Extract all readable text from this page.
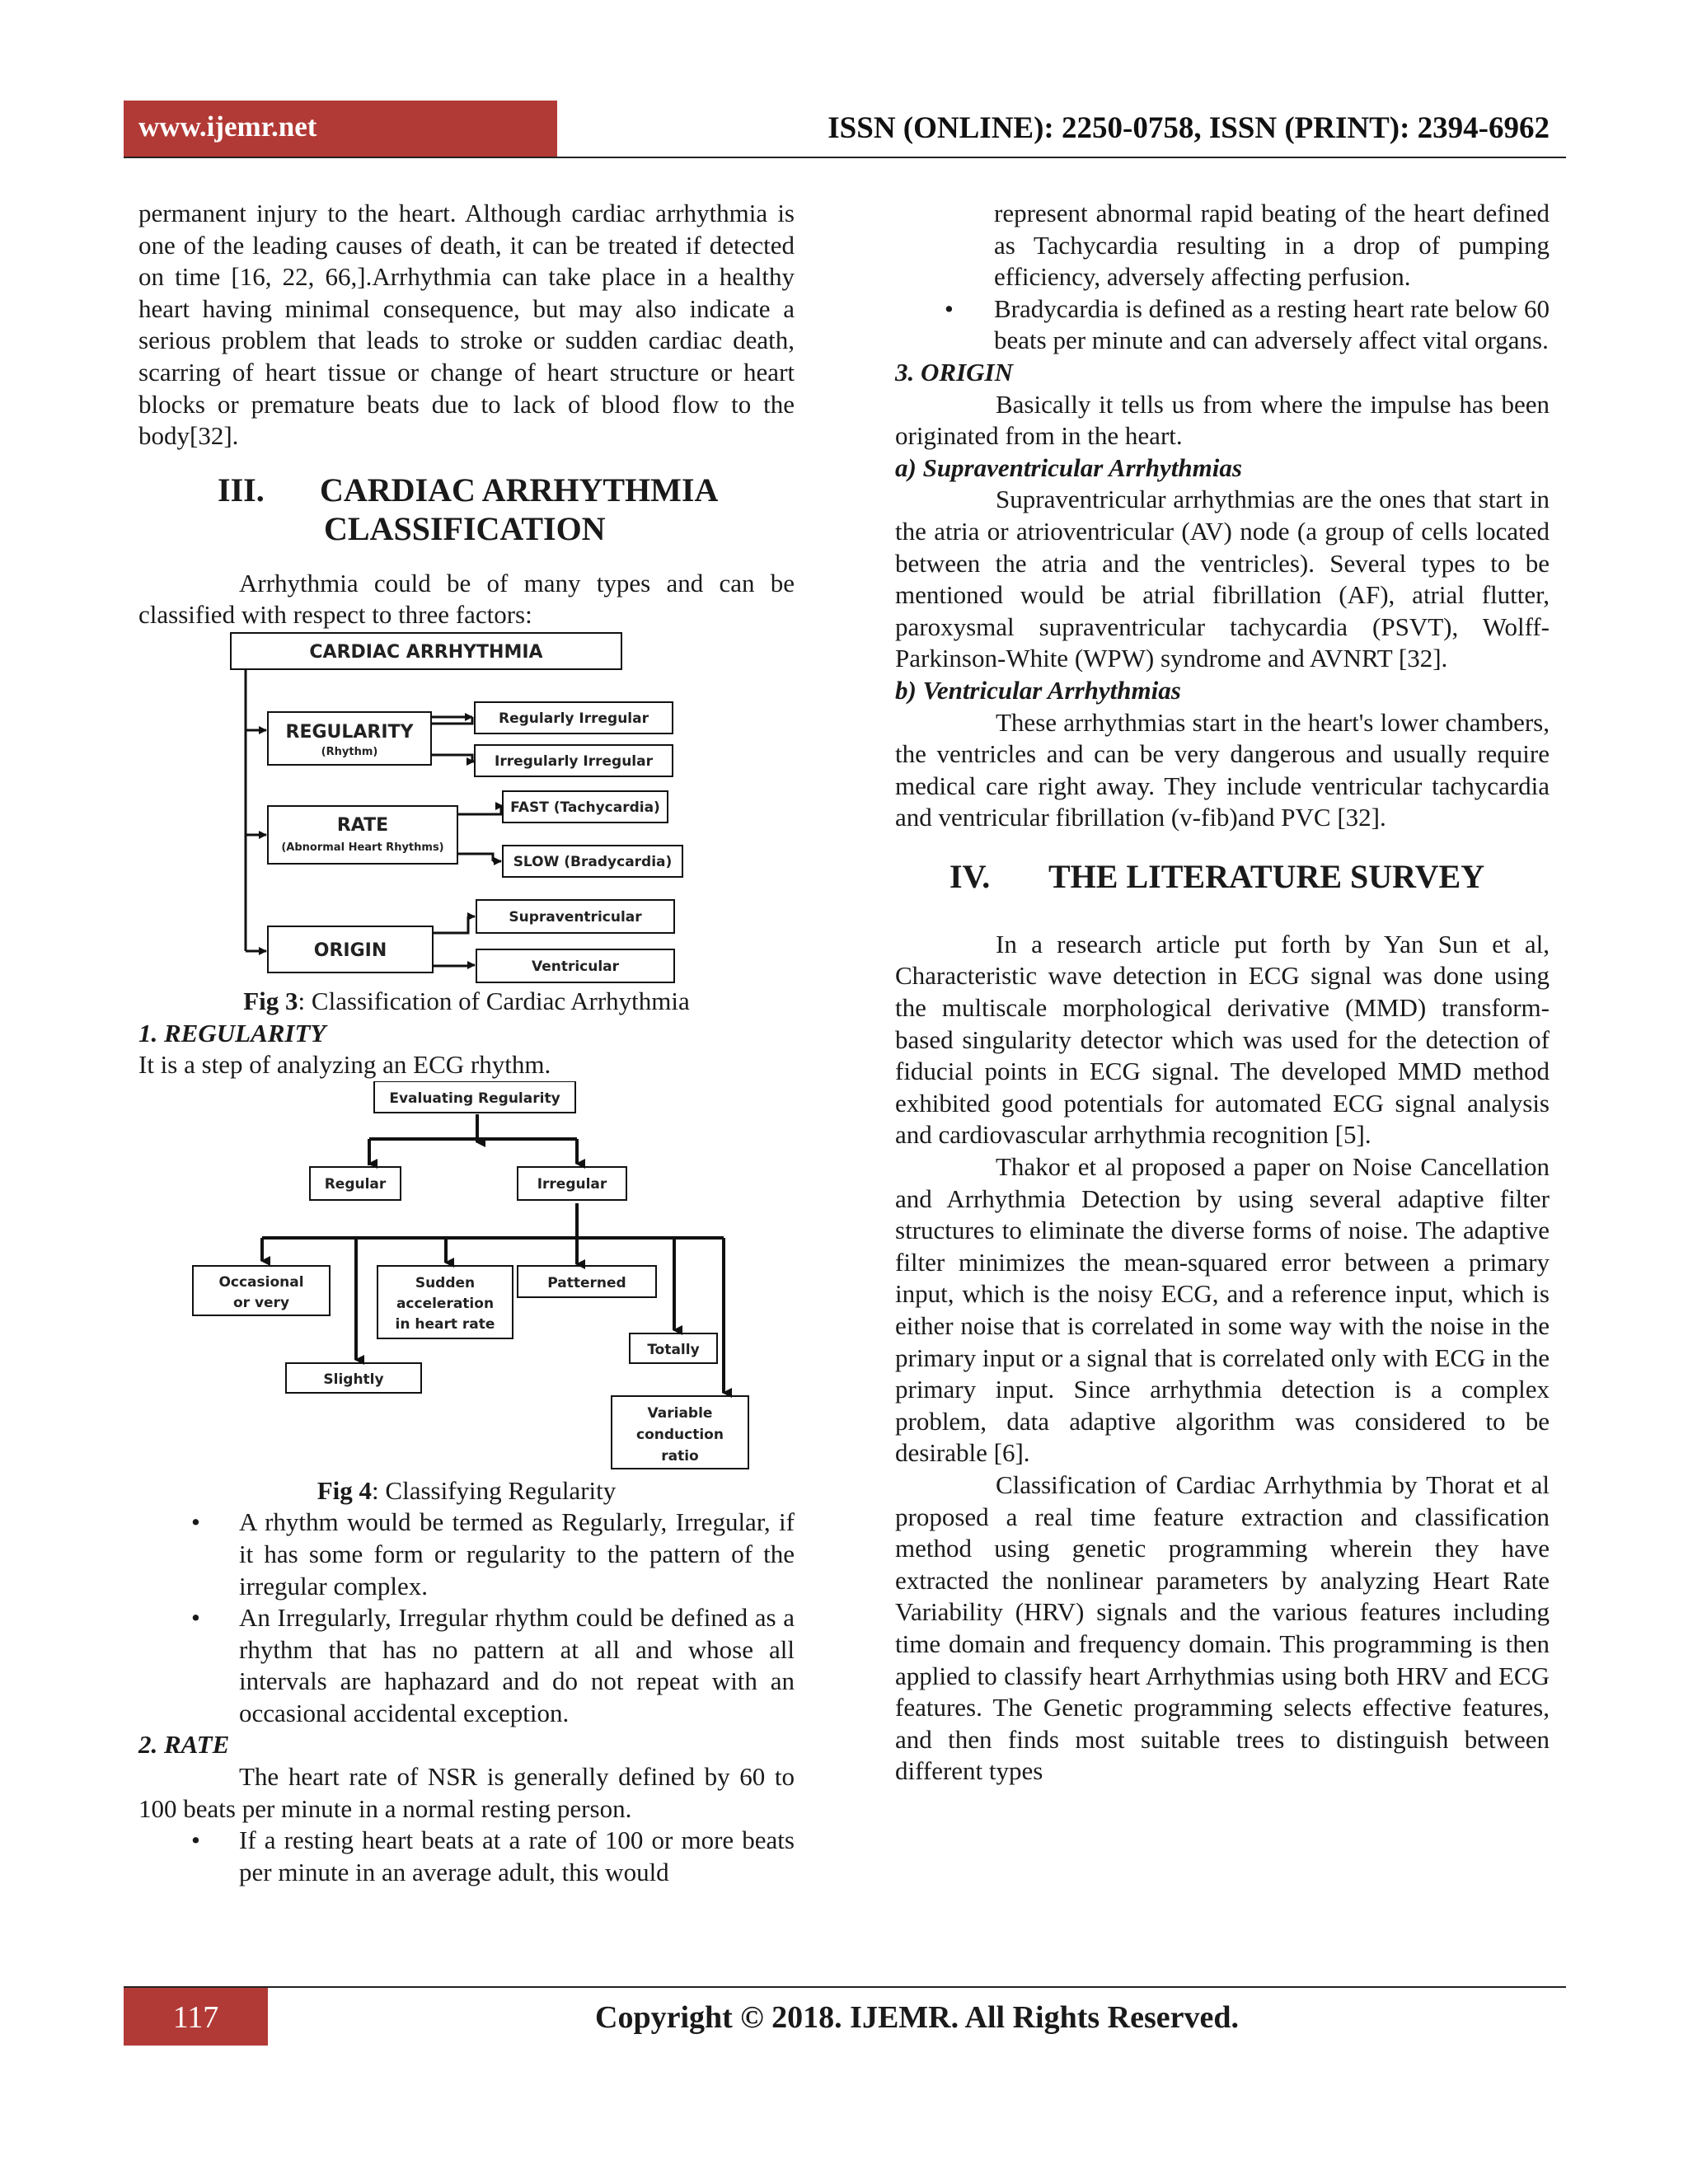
www.ijemr.net	ISSN (ONLINE): 2250-0758, ISSN (PRINT): 2394-6962

permanent injury to the heart. Although cardiac arrhythmia is one of the leading causes of death, it can be treated if detected on time [16, 22, 66,].Arrhythmia can take place in a healthy heart having minimal consequence, but may also indicate a serious problem that leads to stroke or sudden cardiac death, scarring of heart tissue or change of heart structure or heart blocks or premature beats due to lack of blood flow to the body[32].

III. CARDIAC ARRHYTHMIA
CLASSIFICATION

Arrhythmia could be of many types and can be classified with respect to three factors:

CARDIAC ARRHYTHMIA
REGULARITY
(Rhythm)
Regularly Irregular
Irregularly Irregular
RATE
(Abnormal Heart Rhythms)
FAST (Tachycardia)
SLOW (Bradycardia)
ORIGIN
Supraventricular
Ventricular

Fig 3: Classification of Cardiac Arrhythmia

1. REGULARITY

It is a step of analyzing an ECG rhythm.

Evaluating Regularity
Regular	Irregular
Occasional
or very
Sudden
acceleration
in heart rate
Patterned
Totally
Slightly
Variable
conduction
ratio

Fig 4: Classifying Regularity

• A rhythm would be termed as Regularly, Irregular, if it has some form or regularity to the pattern of the irregular complex.
• An Irregularly, Irregular rhythm could be defined as a rhythm that has no pattern at all and whose all intervals are haphazard and do not repeat with an occasional accidental exception.

2. RATE

The heart rate of NSR is generally defined by 60 to 100 beats per minute in a normal resting person.

• If a resting heart beats at a rate of 100 or more beats per minute in an average adult, this would
represent abnormal rapid beating of the heart defined as Tachycardia resulting in a drop of pumping efficiency, adversely affecting perfusion.
• Bradycardia is defined as a resting heart rate below 60 beats per minute and can adversely affect vital organs.

3. ORIGIN

Basically it tells us from where the impulse has been originated from in the heart.

a) Supraventricular Arrhythmias

Supraventricular arrhythmias are the ones that start in the atria or atrioventricular (AV) node (a group of cells located between the atria and the ventricles). Several types to be mentioned would be atrial fibrillation (AF), atrial flutter, paroxysmal supraventricular tachycardia (PSVT), Wolff-Parkinson-White (WPW) syndrome and AVNRT [32].

b) Ventricular Arrhythmias

These arrhythmias start in the heart's lower chambers, the ventricles and can be very dangerous and usually require medical care right away. They include ventricular tachycardia and ventricular fibrillation (v-fib)and PVC [32].

IV. THE LITERATURE SURVEY

In a research article put forth by Yan Sun et al, Characteristic wave detection in ECG signal was done using the multiscale morphological derivative (MMD) transform-based singularity detector which was used for the detection of fiducial points in ECG signal. The developed MMD method exhibited good potentials for automated ECG signal analysis and cardiovascular arrhythmia recognition [5].

Thakor et al proposed a paper on Noise Cancellation and Arrhythmia Detection by using several adaptive filter structures to eliminate the diverse forms of noise. The adaptive filter minimizes the mean-squared error between a primary input, which is the noisy ECG, and a reference input, which is either noise that is correlated in some way with the noise in the primary input or a signal that is correlated only with ECG in the primary input. Since arrhythmia detection is a complex problem, data adaptive algorithm was considered to be desirable [6].

Classification of Cardiac Arrhythmia by Thorat et al proposed a real time feature extraction and classification method using genetic programming wherein they have extracted the nonlinear parameters by analyzing Heart Rate Variability (HRV) signals and the various features including time domain and frequency domain. This programming is then applied to classify heart Arrhythmias using both HRV and ECG features. The Genetic programming selects effective features, and then finds most suitable trees to distinguish between different types

117	Copyright © 2018. IJEMR. All Rights Reserved.
